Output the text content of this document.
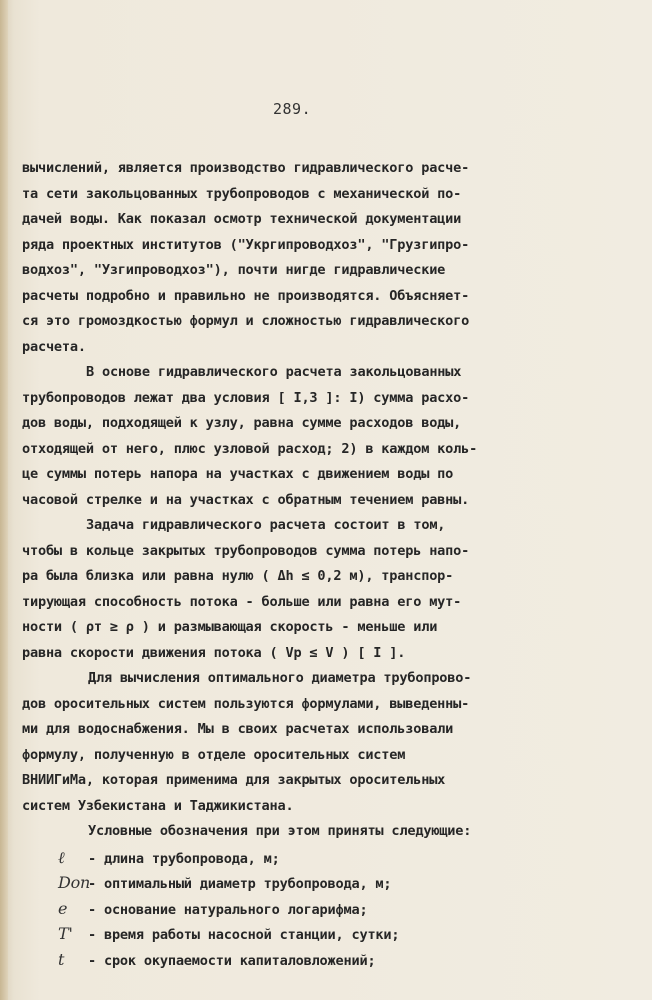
289.
вычислений, является производство гидравлического расче-
та сети закольцованных трубопроводов с механической по-
дачей воды. Как показал осмотр технической документации
ряда проектных институтов ("Укргипроводхоз", "Грузгипро-
водхоз", "Узгипроводхоз"), почти нигде гидравлические
расчеты подробно и правильно не производятся. Объясняет-
ся это громоздкостью формул и сложностью гидравлического
расчета.
В основе гидравлического расчета закольцованных
трубопроводов лежат два условия [ I,3 ]: I) сумма расхо-
дов воды, подходящей к узлу, равна сумме расходов воды,
отходящей от него, плюс узловой расход; 2) в каждом коль-
це суммы потерь напора на участках с движением воды по
часовой стрелке и на участках с обратным течением равны.
Задача гидравлического расчета состоит в том,
чтобы в кольце закрытых трубопроводов сумма потерь напо-
ра была близка или равна нулю ( Δh ≤ 0,2 м), транспор-
тирующая способность потока - больше или равна его мут-
ности ( ρт ≥ ρ ) и размывающая скорость - меньше или
равна скорости движения потока ( Vр ≤ V ) [ I ].
Для вычисления оптимального диаметра трубопрово-
дов оросительных систем пользуются формулами, выведенны-
ми для водоснабжения. Мы в своих расчетах использовали
формулу, полученную в отделе оросительных систем
ВНИИГиМа, которая применима для закрытых оросительных
систем Узбекистана и Таджикистана.
Условные обозначения при этом приняты следующие:
ℓ - длина трубопровода, м;
Dоп- оптимальный диаметр трубопровода, м;
e - основание натурального логарифма;
T' - время работы насосной станции, сутки;
t - срок окупаемости капиталовложений;
